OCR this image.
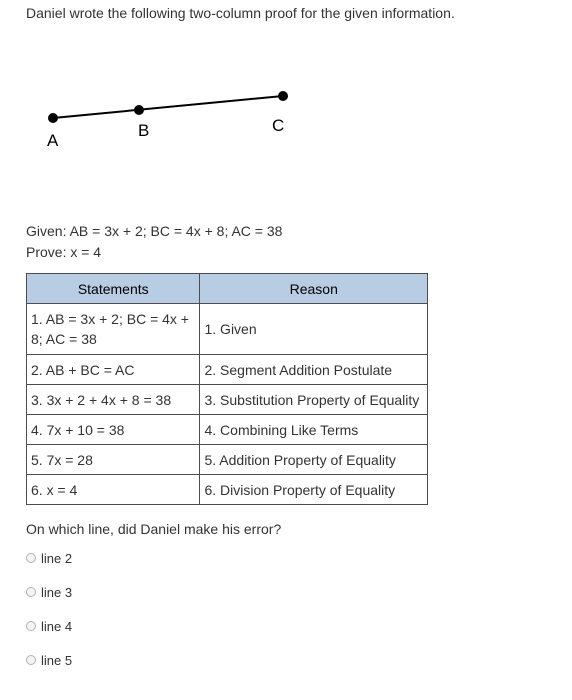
Daniel wrote the following two-column proof for the given information.
A
B	C
Given: AB = 3x + 2; BC = 4x + 8; AC = 38
Prove: x = 4
Statements	Reason
1. AB = 3x + 2; BC = 4x + 8; AC = 38	1. Given
2. AB + BC = AC	2. Segment Addition Postulate
3. 3x + 2 + 4x + 8 = 38	3. Substitution Property of Equality
4. 7x + 10 = 38	4. Combining Like Terms
5. 7x = 28	5. Addition Property of Equality
6. x = 4	6. Division Property of Equality
On which line, did Daniel make his error?
line 2
line 3
line 4
line 5
